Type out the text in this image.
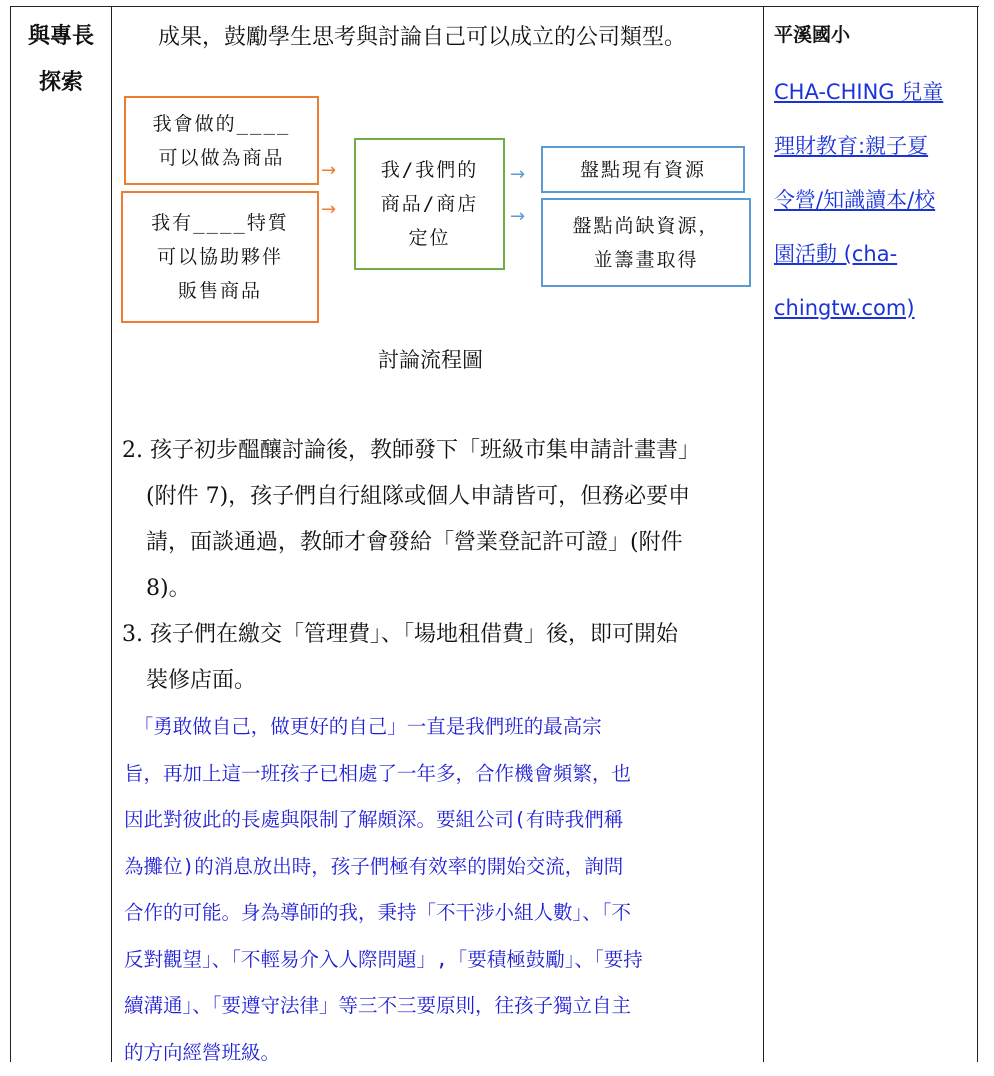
與專長
探索
成果，鼓勵學生思考與討論自己可以成立的公司類型。
我會做的____
可以做為商品
我有____特質
可以協助夥伴
販售商品
→
→
我/我們的
商品/商店
定位
→
→
盤點現有資源
盤點尚缺資源，
並籌畫取得
討論流程圖
2. 孩子初步醞釀討論後，教師發下「班級市集申請計畫書」
(附件 7)，孩子們自行組隊或個人申請皆可，但務必要申
請，面談通過，教師才會發給「營業登記許可證」(附件
8)。
3. 孩子們在繳交「管理費」、「場地租借費」後，即可開始
裝修店面。
　「勇敢做自己，做更好的自己」一直是我們班的最高宗
旨，再加上這一班孩子已相處了一年多，合作機會頻繁，也
因此對彼此的長處與限制了解頗深。要組公司(有時我們稱
為攤位)的消息放出時，孩子們極有效率的開始交流，詢問
合作的可能。身為導師的我，秉持「不干涉小組人數」、「不
反對觀望」、「不輕易介入人際問題」,「要積極鼓勵」、「要持
續溝通」、「要遵守法律」等三不三要原則，往孩子獨立自主
的方向經營班級。
平溪國小
CHA-CHING 兒童
理財教育:親子夏
令營/知識讀本/校
園活動 (cha-
chingtw.com)
